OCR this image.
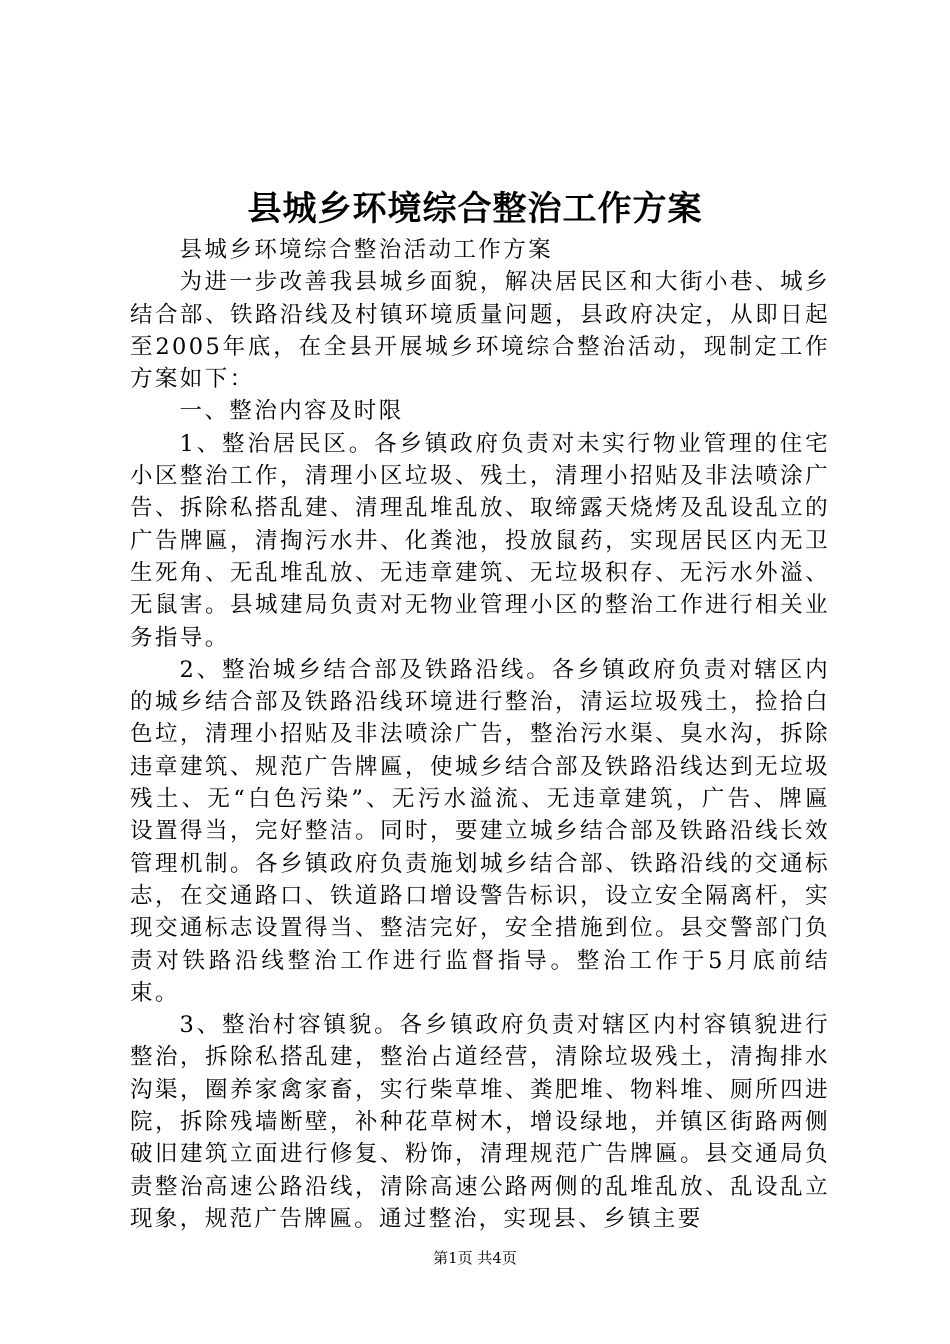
县城乡环境综合整治工作方案

县城乡环境综合整治活动工作方案

为进一步改善我县城乡面貌，解决居民区和大街小巷、城乡结合部、铁路沿线及村镇环境质量问题，县政府决定，从即日起至2005年底，在全县开展城乡环境综合整治活动，现制定工作方案如下：

一、整治内容及时限

1、整治居民区。各乡镇政府负责对未实行物业管理的住宅小区整治工作，清理小区垃圾、残土，清理小招贴及非法喷涂广告、拆除私搭乱建、清理乱堆乱放、取缔露天烧烤及乱设乱立的广告牌匾，清掏污水井、化粪池，投放鼠药，实现居民区内无卫生死角、无乱堆乱放、无违章建筑、无垃圾积存、无污水外溢、无鼠害。县城建局负责对无物业管理小区的整治工作进行相关业务指导。

2、整治城乡结合部及铁路沿线。各乡镇政府负责对辖区内的城乡结合部及铁路沿线环境进行整治，清运垃圾残土，捡拾白色垃，清理小招贴及非法喷涂广告，整治污水渠、臭水沟，拆除违章建筑、规范广告牌匾，使城乡结合部及铁路沿线达到无垃圾残土、无“白色污染”、无污水溢流、无违章建筑，广告、牌匾设置得当，完好整洁。同时，要建立城乡结合部及铁路沿线长效管理机制。各乡镇政府负责施划城乡结合部、铁路沿线的交通标志，在交通路口、铁道路口增设警告标识，设立安全隔离杆，实现交通标志设置得当、整洁完好，安全措施到位。县交警部门负责对铁路沿线整治工作进行监督指导。整治工作于5月底前结束。

3、整治村容镇貌。各乡镇政府负责对辖区内村容镇貌进行整治，拆除私搭乱建，整治占道经营，清除垃圾残土，清掏排水沟渠，圈养家禽家畜，实行柴草堆、粪肥堆、物料堆、厕所四进院，拆除残墙断壁，补种花草树木，增设绿地，并镇区街路两侧破旧建筑立面进行修复、粉饰，清理规范广告牌匾。县交通局负责整治高速公路沿线，清除高速公路两侧的乱堆乱放、乱设乱立现象，规范广告牌匾。通过整治，实现县、乡镇主要

第1页 共4页
